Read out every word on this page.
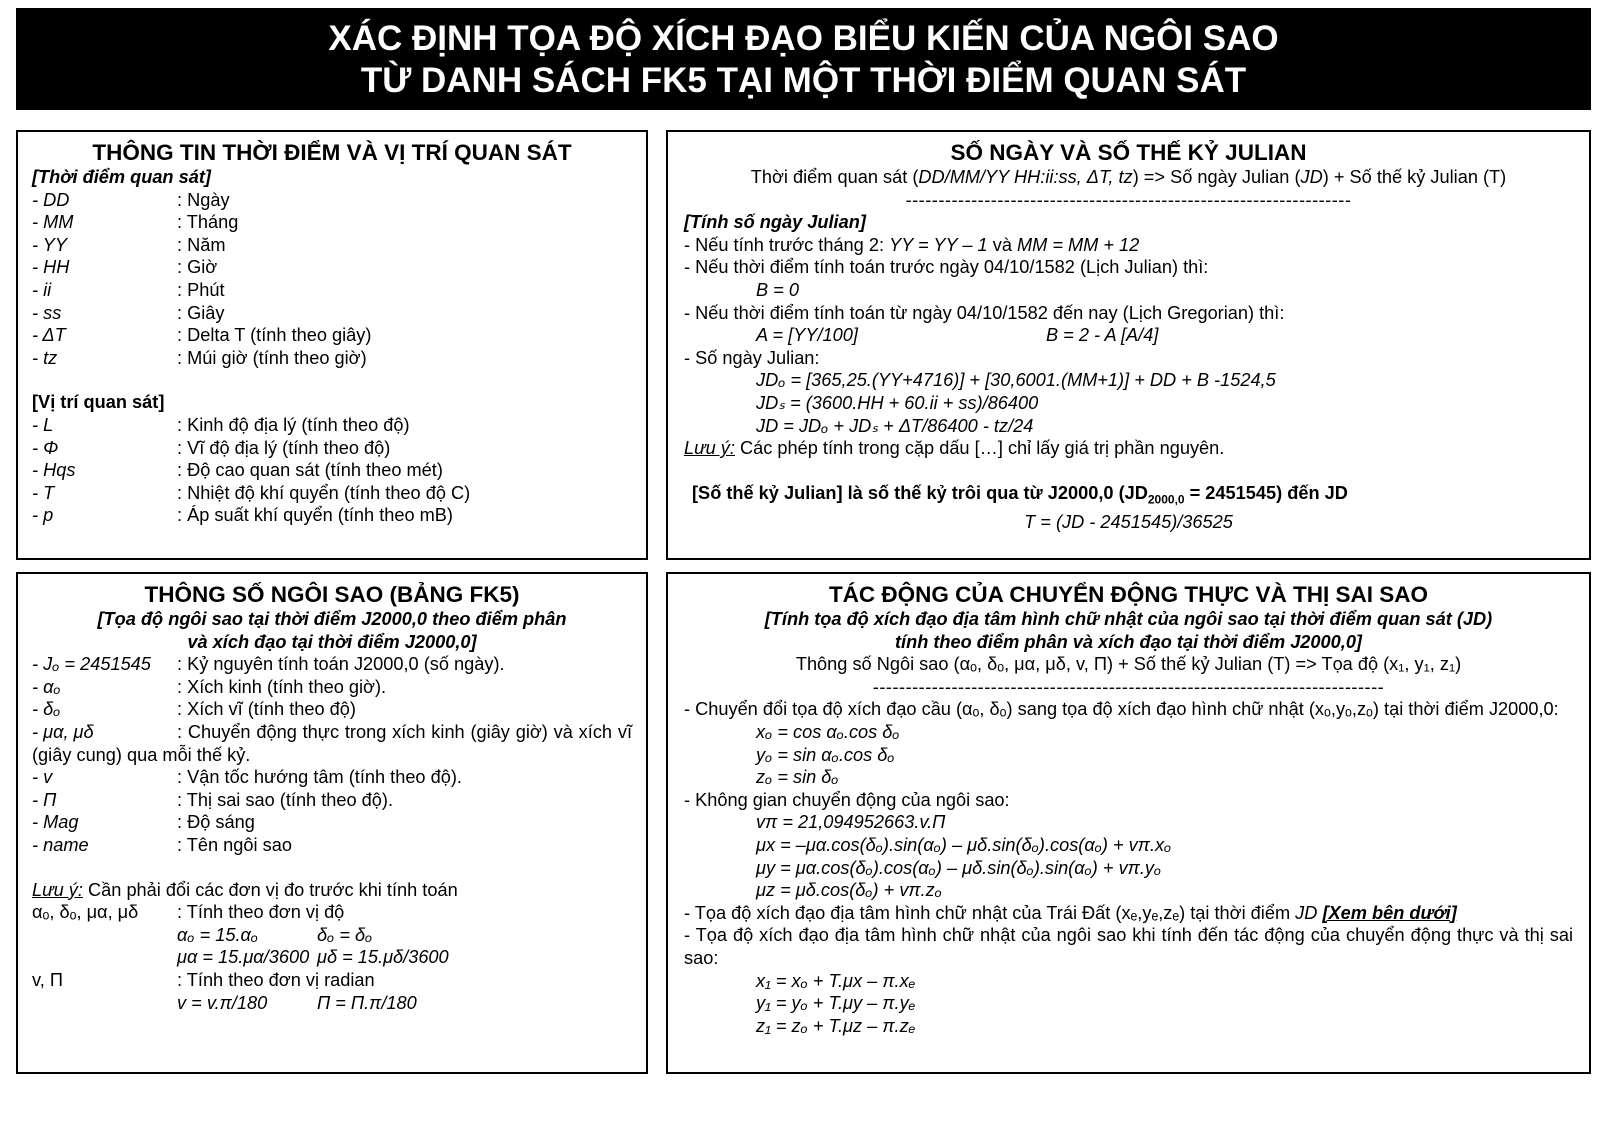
XÁC ĐỊNH TỌA ĐỘ XÍCH ĐẠO BIỂU KIẾN CỦA NGÔI SAO
TỪ DANH SÁCH FK5 TẠI MỘT THỜI ĐIỂM QUAN SÁT
THÔNG TIN THỜI ĐIỂM VÀ VỊ TRÍ QUAN SÁT
[Thời điểm quan sát]
- DD	: Ngày
- MM	: Tháng
- YY	: Năm
- HH	: Giờ
- ii	: Phút
- ss	: Giây
- ΔT	: Delta T (tính theo giây)
- tz	: Múi giờ (tính theo giờ)
[Vị trí quan sát]
- L	: Kinh độ địa lý (tính theo độ)
- Φ	: Vĩ độ địa lý (tính theo độ)
- Hqs	: Độ cao quan sát (tính theo mét)
- T	: Nhiệt độ khí quyển (tính theo độ C)
- p	: Áp suất khí quyển (tính theo mB)
SỐ NGÀY VÀ SỐ THẾ KỶ JULIAN
Thời điểm quan sát (DD/MM/YY HH:ii:ss, ΔT, tz) => Số ngày Julian (JD) + Số thế kỷ Julian (T)
--------------------------------------------------------------------
[Tính số ngày Julian]
- Nếu tính trước tháng 2: YY = YY – 1 và MM = MM + 12
- Nếu thời điểm tính toán trước ngày 04/10/1582 (Lịch Julian) thì:
B = 0
- Nếu thời điểm tính toán từ ngày 04/10/1582 đến nay (Lịch Gregorian) thì:
A = [YY/100]	B = 2 - A [A/4]
- Số ngày Julian:
JDₒ = [365,25.(YY+4716)] + [30,6001.(MM+1)] + DD + B -1524,5
JDₛ = (3600.HH + 60.ii + ss)/86400
JD = JDₒ + JDₛ + ΔT/86400 - tz/24
Lưu ý: Các phép tính trong cặp dấu […] chỉ lấy giá trị phần nguyên.
[Số thế kỷ Julian] là số thế kỷ trôi qua từ J2000,0 $(JD_{2000,0} = 2451545)$ đến JD
T = (JD - 2451545)/36525
THÔNG SỐ NGÔI SAO (BẢNG FK5)
[Tọa độ ngôi sao tại thời điểm J2000,0 theo điểm phân
và xích đạo tại thời điểm J2000,0]
- Jₒ = 2451545	: Kỷ nguyên tính toán J2000,0 (số ngày).
- αₒ	: Xích kinh (tính theo giờ).
- δₒ	: Xích vĩ (tính theo độ)
- μα, μδ	: Chuyển động thực trong xích kinh (giây giờ) và xích vĩ (giây cung) qua mỗi thế kỷ.
- v	: Vận tốc hướng tâm (tính theo độ).
- Π	: Thị sai sao (tính theo độ).
- Mag	: Độ sáng
- name	: Tên ngôi sao
Lưu ý: Cần phải đổi các đơn vị đo trước khi tính toán
αₒ, δₒ, μα, μδ	: Tính theo đơn vị độ
αₒ = 15.αₒ	δₒ = δₒ
μα = 15.μα/3600 μδ = 15.μδ/3600
v, Π	: Tính theo đơn vị radian
v = v.π/180	Π = Π.π/180
TÁC ĐỘNG CỦA CHUYỂN ĐỘNG THỰC VÀ THỊ SAI SAO
[Tính tọa độ xích đạo địa tâm hình chữ nhật của ngôi sao tại thời điểm quan sát (JD)
tính theo điểm phân và xích đạo tại thời điểm J2000,0]
Thông số Ngôi sao (αₒ, δₒ, μα, μδ, v, Π) + Số thế kỷ Julian (T) => Tọa độ (x₁, y₁, z₁)
------------------------------------------------------------------------------
- Chuyển đổi tọa độ xích đạo cầu (αₒ, δₒ) sang tọa độ xích đạo hình chữ nhật (xₒ,yₒ,zₒ) tại thời điểm J2000,0:
xₒ = cos αₒ.cos δₒ
yₒ = sin αₒ.cos δₒ
zₒ = sin δₒ
- Không gian chuyển động của ngôi sao:
vπ = 21,094952663.v.Π
μx = –μα.cos(δₒ).sin(αₒ) – μδ.sin(δₒ).cos(αₒ) + vπ.xₒ
μy = μα.cos(δₒ).cos(αₒ) – μδ.sin(δₒ).sin(αₒ) + vπ.yₒ
μz = μδ.cos(δₒ) + vπ.zₒ
- Tọa độ xích đạo địa tâm hình chữ nhật của Trái Đất (xₑ,yₑ,zₑ) tại thời điểm JD [Xem bên dưới]
- Tọa độ xích đạo địa tâm hình chữ nhật của ngôi sao khi tính đến tác động của chuyển động thực và thị sai sao:
x₁ = xₒ + T.μx – π.xₑ
y₁ = yₒ + T.μy – π.yₑ
z₁ = zₒ + T.μz – π.zₑ
